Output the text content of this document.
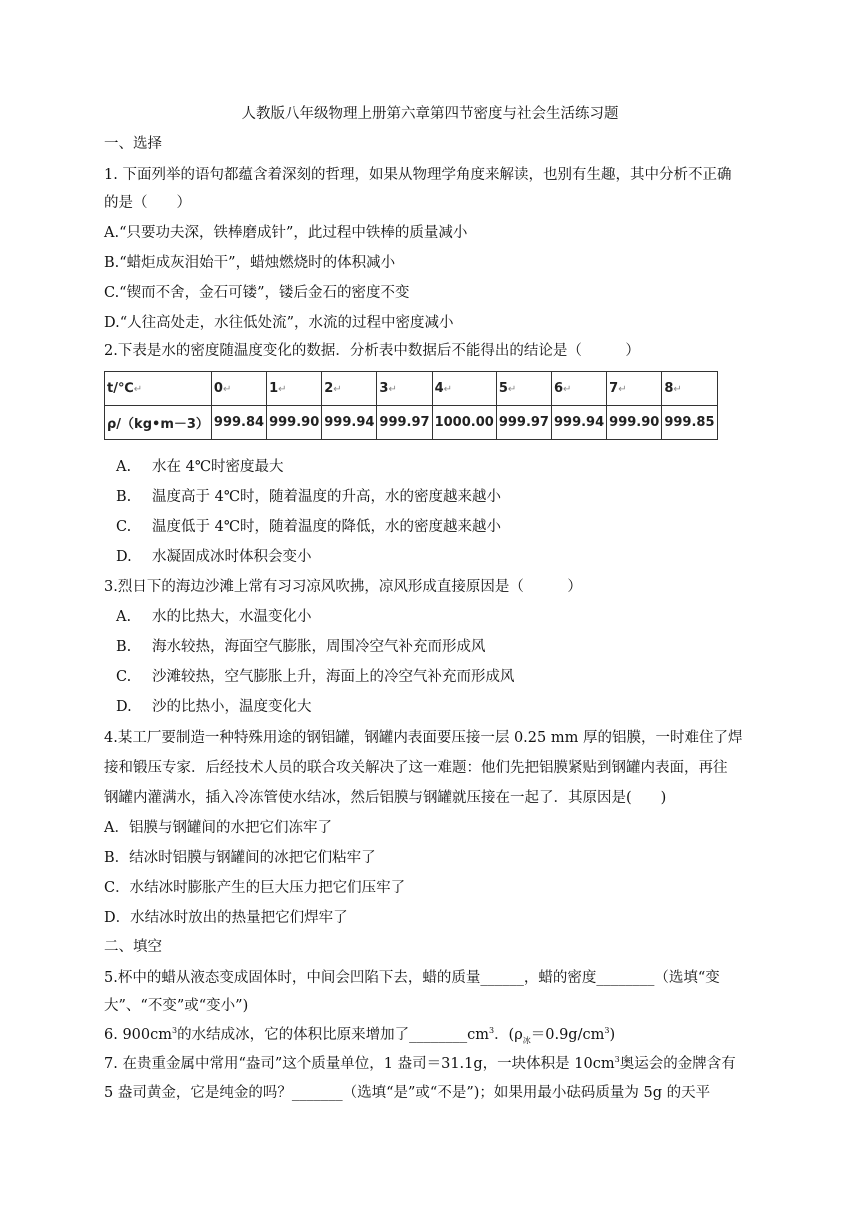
人教版八年级物理上册第六章第四节密度与社会生活练习题
一、选择
1. 下面列举的语句都蕴含着深刻的哲理，如果从物理学角度来解读，也别有生趣，其中分析不正确
的是（　　）
A.“只要功夫深，铁棒磨成针”，此过程中铁棒的质量减小
B.“蜡炬成灰泪始干”，蜡烛燃烧时的体积减小
C.“锲而不舍，金石可镂”，镂后金石的密度不变
D.“人往高处走，水往低处流”，水流的过程中密度减小
2.下表是水的密度随温度变化的数据．分析表中数据后不能得出的结论是（　　　）
t/℃↵	0↵	1↵	2↵	3↵	4↵	5↵	6↵	7↵	8↵
ρ/（kg•m－3）	999.84	999.90	999.94	999.97	1000.00	999.97	999.94	999.90	999.85
A. 水在 4℃时密度最大
B. 温度高于 4℃时，随着温度的升高，水的密度越来越小
C. 温度低于 4℃时，随着温度的降低，水的密度越来越小
D. 水凝固成冰时体积会变小
3.烈日下的海边沙滩上常有习习凉风吹拂，凉风形成直接原因是（　　　）
A. 水的比热大，水温变化小
B. 海水较热，海面空气膨胀，周围冷空气补充而形成风
C. 沙滩较热，空气膨胀上升，海面上的冷空气补充而形成风
D. 沙的比热小，温度变化大
4.某工厂要制造一种特殊用途的钢铝罐，钢罐内表面要压接一层 0.25 mm 厚的铝膜，一时难住了焊
接和锻压专家．后经技术人员的联合攻关解决了这一难题：他们先把铝膜紧贴到钢罐内表面，再往
钢罐内灌满水，插入冷冻管使水结冰，然后铝膜与钢罐就压接在一起了．其原因是(　　)
A．铝膜与钢罐间的水把它们冻牢了
B．结冰时铝膜与钢罐间的冰把它们粘牢了
C．水结冰时膨胀产生的巨大压力把它们压牢了
D．水结冰时放出的热量把它们焊牢了
二、填空
5.杯中的蜡从液态变成固体时，中间会凹陷下去，蜡的质量______，蜡的密度________（选填“变
大”、“不变”或“变小”)
6. $900cm^3$的水结成冰，它的体积比原来增加了$\_\_\_\_\_\_\_\_cm^3$．$(\rho_冰=0.9g/cm^3)$
7. 在贵重金属中常用“盎司”这个质量单位，1 盎司＝31.1g，一块体积是 $10cm^3$奥运会的金牌含有
5 盎司黄金，它是纯金的吗？_______（选填“是”或“不是”)；如果用最小砝码质量为 5g 的天平
